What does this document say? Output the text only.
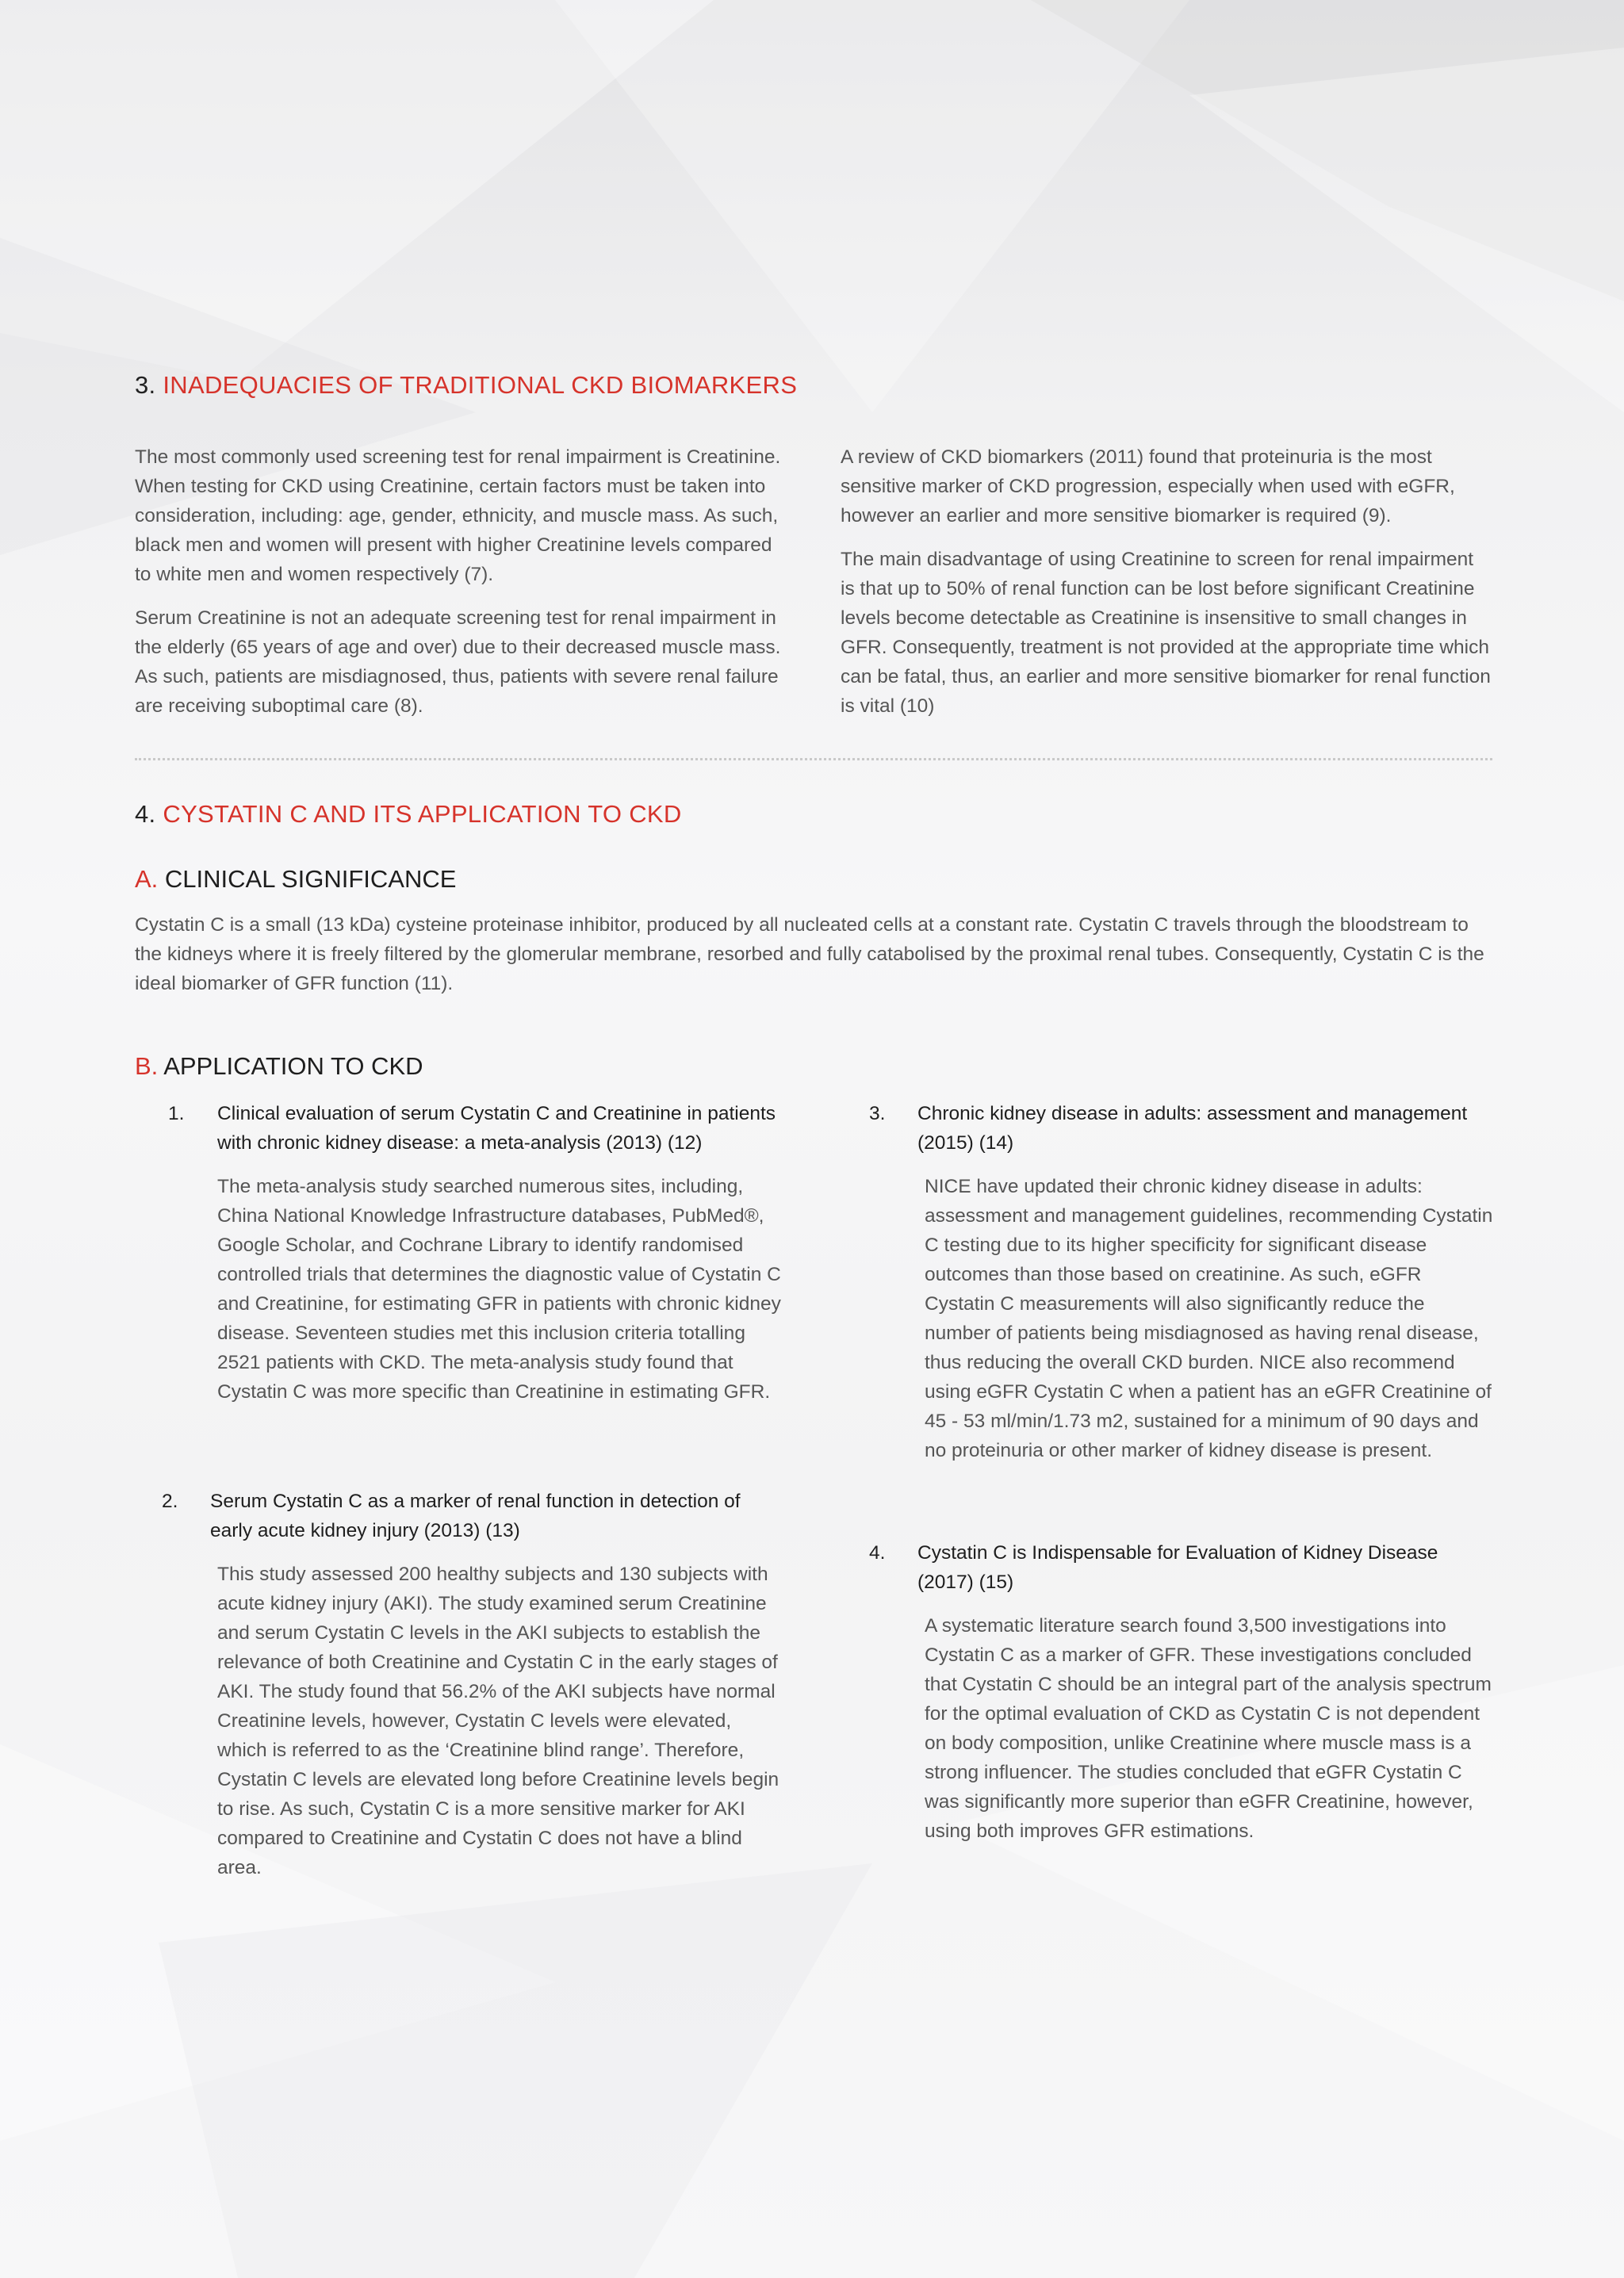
3. INADEQUACIES OF TRADITIONAL CKD BIOMARKERS

The most commonly used screening test for renal impairment is Creatinine. When testing for CKD using Creatinine, certain factors must be taken into consideration, including: age, gender, ethnicity, and muscle mass. As such, black men and women will present with higher Creatinine levels compared to white men and women respectively (7).

Serum Creatinine is not an adequate screening test for renal impairment in the elderly (65 years of age and over) due to their decreased muscle mass. As such, patients are misdiagnosed, thus, patients with severe renal failure are receiving suboptimal care (8).

A review of CKD biomarkers (2011) found that proteinuria is the most sensitive marker of CKD progression, especially when used with eGFR, however an earlier and more sensitive biomarker is required (9).

The main disadvantage of using Creatinine to screen for renal impairment is that up to 50% of renal function can be lost before significant Creatinine levels become detectable as Creatinine is insensitive to small changes in GFR. Consequently, treatment is not provided at the appropriate time which can be fatal, thus, an earlier and more sensitive biomarker for renal function is vital (10)

4. CYSTATIN C AND ITS APPLICATION TO CKD
A. CLINICAL SIGNIFICANCE

Cystatin C is a small (13 kDa) cysteine proteinase inhibitor, produced by all nucleated cells at a constant rate. Cystatin C travels through the bloodstream to the kidneys where it is freely filtered by the glomerular membrane, resorbed and fully catabolised by the proximal renal tubes. Consequently, Cystatin C is the ideal biomarker of GFR function (11).

B. APPLICATION TO CKD
1. Clinical evaluation of serum Cystatin C and Creatinine in patients with chronic kidney disease: a meta-analysis (2013) (12)

The meta-analysis study searched numerous sites, including, China National Knowledge Infrastructure databases, PubMed®, Google Scholar, and Cochrane Library to identify randomised controlled trials that determines the diagnostic value of Cystatin C and Creatinine, for estimating GFR in patients with chronic kidney disease. Seventeen studies met this inclusion criteria totalling 2521 patients with CKD. The meta-analysis study found that Cystatin C was more specific than Creatinine in estimating GFR.

2. Serum Cystatin C as a marker of renal function in detection of early acute kidney injury (2013) (13)

This study assessed 200 healthy subjects and 130 subjects with acute kidney injury (AKI). The study examined serum Creatinine and serum Cystatin C levels in the AKI subjects to establish the relevance of both Creatinine and Cystatin C in the early stages of AKI. The study found that 56.2% of the AKI subjects have normal Creatinine levels, however, Cystatin C levels were elevated, which is referred to as the ‘Creatinine blind range’. Therefore, Cystatin C levels are elevated long before Creatinine levels begin to rise. As such, Cystatin C is a more sensitive marker for AKI compared to Creatinine and Cystatin C does not have a blind area.

3. Chronic kidney disease in adults: assessment and management (2015) (14)

NICE have updated their chronic kidney disease in adults: assessment and management guidelines, recommending Cystatin C testing due to its higher specificity for significant disease outcomes than those based on creatinine. As such, eGFR Cystatin C measurements will also significantly reduce the number of patients being misdiagnosed as having renal disease, thus reducing the overall CKD burden. NICE also recommend using eGFR Cystatin C when a patient has an eGFR Creatinine of 45 - 53 ml/min/1.73 m2, sustained for a minimum of 90 days and no proteinuria or other marker of kidney disease is present.

4. Cystatin C is Indispensable for Evaluation of Kidney Disease (2017) (15)

A systematic literature search found 3,500 investigations into Cystatin C as a marker of GFR. These investigations concluded that Cystatin C should be an integral part of the analysis spectrum for the optimal evaluation of CKD as Cystatin C is not dependent on body composition, unlike Creatinine where muscle mass is a strong influencer. The studies concluded that eGFR Cystatin C was significantly more superior than eGFR Creatinine, however, using both improves GFR estimations.
